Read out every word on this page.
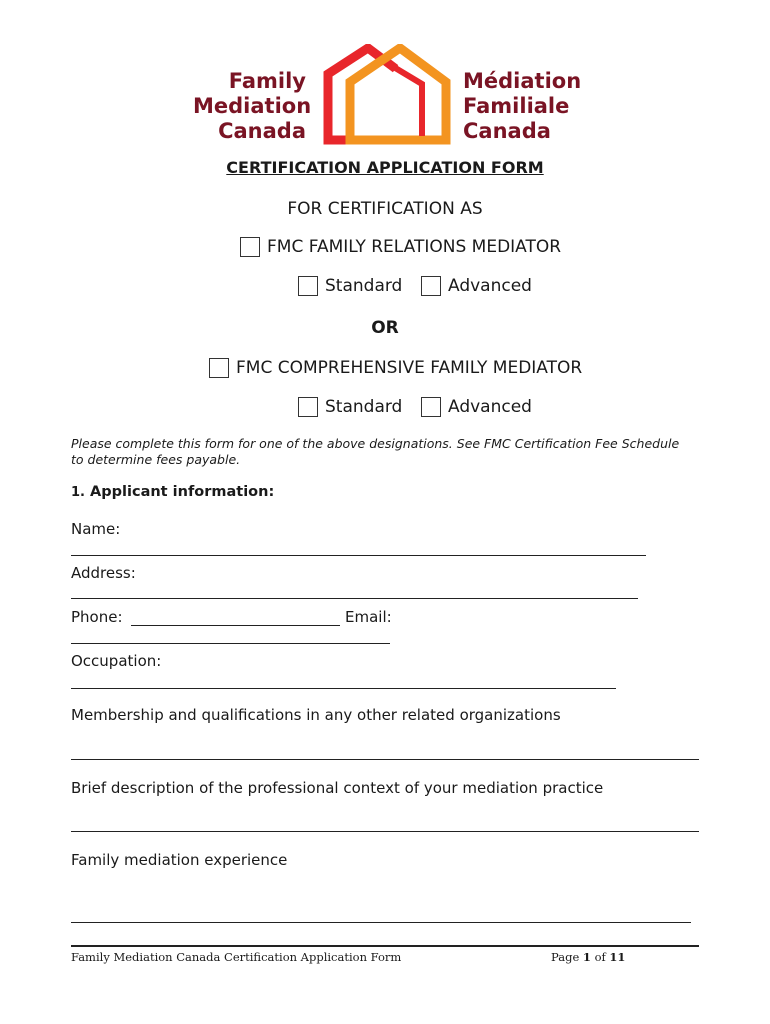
Family
Mediation
Canada
Médiation
Familiale
Canada
CERTIFICATION APPLICATION FORM
FOR CERTIFICATION AS
FMC FAMILY RELATIONS MEDIATOR
Standard	Advanced
OR
FMC COMPREHENSIVE FAMILY MEDIATOR
Standard	Advanced
Please complete this form for one of the above designations. See FMC Certification Fee Schedule
to determine fees payable.
1. Applicant information:
Name:
Address:
Phone:	Email:
Occupation:
Membership and qualifications in any other related organizations
Brief description of the professional context of your mediation practice
Family mediation experience
Family Mediation Canada Certification Application Form	Page 1 of 11
